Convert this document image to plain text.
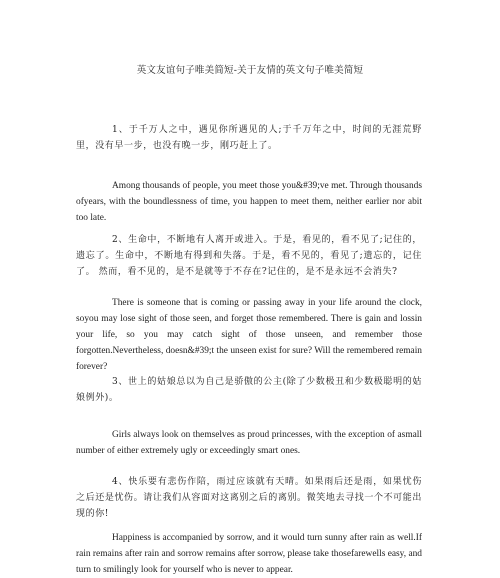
英文友谊句子唯美简短-关于友情的英文句子唯美简短

1、于千万人之中，遇见你所遇见的人;于千万年之中，时间的无涯荒野里，没有早一步，也没有晚一步，刚巧赶上了。

Among thousands of people, you meet those you&#39;ve met. Through thousands ofyears, with the boundlessness of time, you happen to meet them, neither earlier nor abit too late.

2、生命中，不断地有人离开或进入。于是，看见的，看不见了;记住的，遗忘了。生命中，不断地有得到和失落。于是，看不见的，看见了;遗忘的，记住了。 然而，看不见的，是不是就等于不存在?记住的，是不是永远不会消失?

There is someone that is coming or passing away in your life around the clock, soyou may lose sight of those seen, and forget those remembered. There is gain and lossin your life, so you may catch sight of those unseen, and remember those forgotten.Nevertheless, doesn&#39;t the unseen exist for sure? Will the remembered remain forever?

3、世上的姑娘总以为自己是骄傲的公主(除了少数极丑和少数极聪明的姑娘例外)。

Girls always look on themselves as proud princesses, with the exception of asmall number of either extremely ugly or exceedingly smart ones.

4、快乐要有悲伤作陪，雨过应该就有天晴。如果雨后还是雨，如果忧伤之后还是忧伤。请让我们从容面对这离别之后的离别。微笑地去寻找一个不可能出现的你!

Happiness is accompanied by sorrow, and it would turn sunny after rain as well.If rain remains after rain and sorrow remains after sorrow, please take thosefarewells easy, and turn to smilingly look for yourself who is never to appear.
